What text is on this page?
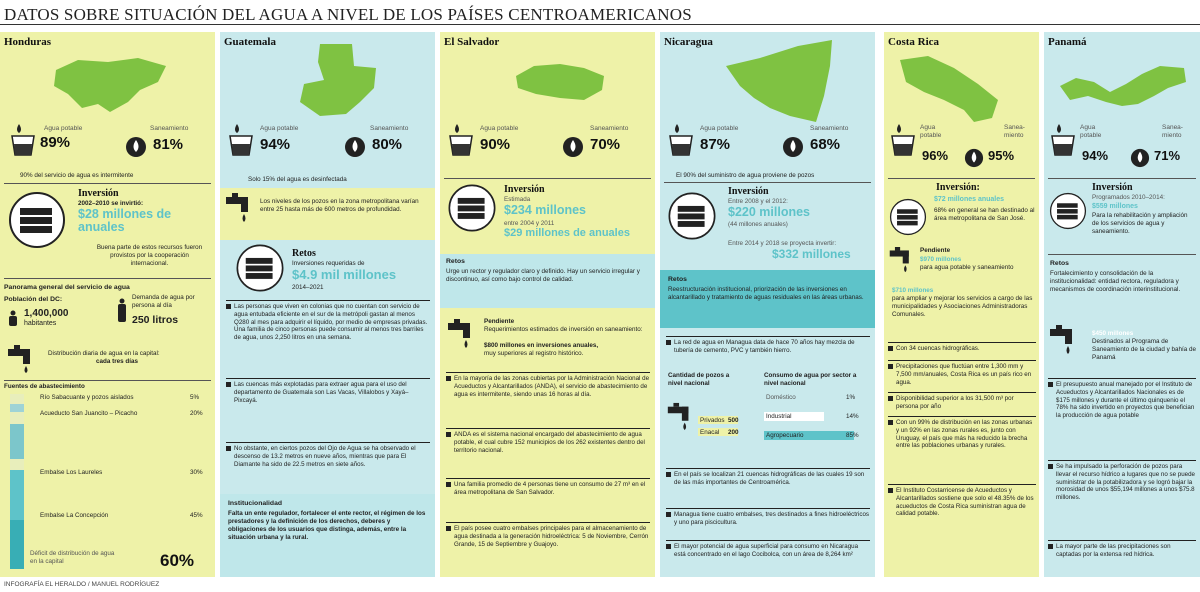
DATOS SOBRE SITUACIÓN DEL AGUA A NIVEL DE LOS PAÍSES CENTROAMERICANOS
Honduras
Agua potable
89%
Saneamiento
81%
90% del servicio de agua es intermitente
Inversión
2002–2010 se invirtió:
$28 millones de anuales
Buena parte de estos recursos fueron provistos por la cooperación internacional.
Panorama general del servicio de agua
Población del DC:
1,400,000
habitantes
Demanda de agua por persona al día
250 litros
Distribución diaria de agua en la capital:
cada tres días
Fuentes de abastecimiento
Río Sabacuante y pozos aislados	5%
Acueducto San Juancito – Picacho	20%
Embalse Los Laureles	30%
Embalse La Concepción	45%
Déficit de distribución de agua en la capital	60%
Guatemala
Agua potable
94%
Saneamiento
80%
Solo 15% del agua es desinfectada
Los niveles de los pozos en la zona metropolitana varían entre 25 hasta más de 600 metros de profundidad.
Retos
Inversiones requeridas de
$4.9 mil millones
2014–2021
Las personas que viven en colonias que no cuentan con servicio de agua entubada eficiente en el sur de la metrópoli gastan al menos Q280 al mes para adquirir el líquido, por medio de empresas privadas. Una familia de cinco personas puede consumir al menos tres barriles de agua, unos 2,250 litros en una semana.
Las cuencas más explotadas para extraer agua para el uso del departamento de Guatemala son Las Vacas, Villalobos y Xayá–Pixcayá.
No obstante, en ciertos pozos del Ojo de Agua se ha observado el descenso de 13.2 metros en nueve años, mientras que para El Diamante ha sido de 22.5 metros en siete años.
Institucionalidad
Falta un ente regulador, fortalecer el ente rector, el régimen de los prestadores y la definición de los derechos, deberes y obligaciones de los usuarios que distinga, además, entre la situación urbana y la rural.
El Salvador
Agua potable
90%
Saneamiento
70%
Inversión
Estimada
$234 millones
entre 2004 y 2011
$29 millones de anuales
Retos
Urge un rector y regulador claro y definido. Hay un servicio irregular y discontinuo, así como bajo control de calidad.
Pendiente
Requerimientos estimados de inversión en saneamiento:
$800 millones en inversiones anuales,
muy superiores al registro histórico.
En la mayoría de las zonas cubiertas por la Administración Nacional de Acueductos y Alcantarillados (ANDA), el servicio de abastecimiento de agua es intermitente, siendo unas 16 horas al día.
ANDA es el sistema nacional encargado del abastecimiento de agua potable, el cual cubre 152 municipios de los 262 existentes dentro del territorio nacional.
Una familia promedio de 4 personas tiene un consumo de 27 m³ en el área metropolitana de San Salvador.
El país posee cuatro embalses principales para el almacenamiento de agua destinada a la generación hidroeléctrica: 5 de Noviembre, Cerrón Grande, 15 de Septiembre y Guajoyo.
Nicaragua
Agua potable
87%
Saneamiento
68%
El 90% del suministro de agua proviene de pozos
Inversión
Entre 2008 y el 2012:
$220 millones
(44 millones anuales)
Entre 2014 y 2018 se proyecta invertir:
$332 millones
Retos
Reestructuración institucional, priorización de las inversiones en alcantarillado y tratamiento de aguas residuales en las áreas urbanas.
La red de agua en Managua data de hace 70 años hay mezcla de tubería de cemento, PVC y también hierro.
Cantidad de pozos a nivel nacional
Privados 500
Enacal 200
Consumo de agua por sector a nivel nacional
Doméstico	1%
Industrial	14%
Agropecuario	85%
En el país se localizan 21 cuencas hidrográficas de las cuales 19 son de las más importantes de Centroamérica.
Managua tiene cuatro embalses, tres destinados a fines hidroeléctricos y uno para piscicultura.
El mayor potencial de agua superficial para consumo en Nicaragua está concentrado en el lago Cocibolca, con un área de 8,264 km²
Costa Rica
Agua potable
96%
Sanea-miento
95%
Inversión:
$72 millones anuales
68% en general se han destinado al área metropolitana de San José.
Pendiente
$970 millones
para agua potable y saneamiento
$710 millones
para ampliar y mejorar los servicios a cargo de las municipalidades y Asociaciones Administradoras Comunales.
Con 34 cuencas hidrográficas.
Precipitaciones que fluctúan entre 1,300 mm y 7,500 mm/anuales, Costa Rica es un país rico en agua.
Disponibilidad superior a los 31,500 m³ por persona por año
Con un 99% de distribución en las zonas urbanas y un 92% en las zonas rurales es, junto con Uruguay, el país que más ha reducido la brecha entre las poblaciones urbanas y rurales.
El Instituto Costarricense de Acueductos y Alcantarillados sostiene que solo el 48.35% de los acueductos de Costa Rica suministran agua de calidad potable.
Panamá
Agua potable
94%
Sanea-miento
71%
Inversión
Programados 2010–2014:
$559 millones
Para la rehabilitación y ampliación de los servicios de agua y saneamiento.
Retos
Fortalecimiento y consolidación de la institucionalidad: entidad rectora, reguladora y mecanismos de coordinación interinstitucional.
$450 millones
Destinados al Programa de Saneamiento de la ciudad y bahía de Panamá
El presupuesto anual manejado por el Instituto de Acueductos y Alcantarillados Nacionales es de $175 millones y durante el último quinquenio el 78% ha sido invertido en proyectos que benefician la producción de agua potable
Se ha impulsado la perforación de pozos para llevar el recurso hídrico a lugares que no se puede suministrar de la potabilizadora y se logró bajar la morosidad de unos $55,194 millones a unos $75.8 millones.
La mayor parte de las precipitaciones son captadas por la extensa red hídrica.
INFOGRAFÍA EL HERALDO / MANUEL RODRÍGUEZ
